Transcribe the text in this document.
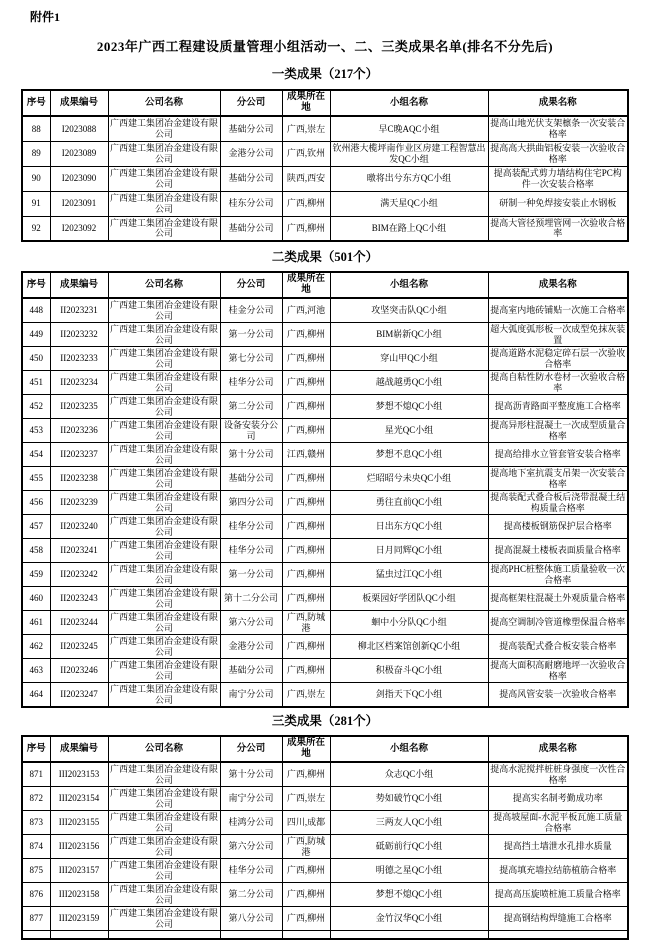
附件1
2023年广西工程建设质量管理小组活动一、二、三类成果名单(排名不分先后)
一类成果（217个）
序号	成果编号	公司名称	分公司	成果所在地	小组名称	成果名称
88	I2023088	广西建工集团冶金建设有限公司	基础分公司	广西,崇左	早C晚AQC小组	提高山地光伏支架檩条一次安装合格率
89	I2023089	广西建工集团冶金建设有限公司	金港分公司	广西,钦州	钦州港大榄坪南作业区房建工程智慧出发QC小组	提高高大拱曲铝板安装一次验收合格率
90	I2023090	广西建工集团冶金建设有限公司	基础分公司	陕西,西安	暾将出兮东方QC小组	提高装配式剪力墙结构住宅PC构件一次安装合格率
91	I2023091	广西建工集团冶金建设有限公司	桂东分公司	广西,柳州	满天星QC小组	研制一种免焊接安装止水钢板
92	I2023092	广西建工集团冶金建设有限公司	基础分公司	广西,柳州	BIM在路上QC小组	提高大管径预埋管网一次验收合格率
二类成果（501个）
序号	成果编号	公司名称	分公司	成果所在地	小组名称	成果名称
448	II2023231	广西建工集团冶金建设有限公司	桂金分公司	广西,河池	攻坚突击队QC小组	提高室内地砖铺贴一次施工合格率
449	II2023232	广西建工集团冶金建设有限公司	第一分公司	广西,柳州	BIM崭新QC小组	超大弧度弧形板一次成型免抹灰装置
450	II2023233	广西建工集团冶金建设有限公司	第七分公司	广西,柳州	穿山甲QC小组	提高道路水泥稳定碎石层一次验收合格率
451	II2023234	广西建工集团冶金建设有限公司	桂华分公司	广西,柳州	越战越勇QC小组	提高自粘性防水卷材一次验收合格率
452	II2023235	广西建工集团冶金建设有限公司	第二分公司	广西,柳州	梦想不熄QC小组	提高沥青路面平整度施工合格率
453	II2023236	广西建工集团冶金建设有限公司	设备安装分公司	广西,柳州	星光QC小组	提高异形柱混凝土一次成型质量合格率
454	II2023237	广西建工集团冶金建设有限公司	第十分公司	江西,赣州	梦想不息QC小组	提高给排水立管套管安装合格率
455	II2023238	广西建工集团冶金建设有限公司	基础分公司	广西,柳州	烂昭昭兮未央QC小组	提高地下室抗震支吊架一次安装合格率
456	II2023239	广西建工集团冶金建设有限公司	第四分公司	广西,柳州	勇往直前QC小组	提高装配式叠合板后浇带混凝土结构质量合格率
457	II2023240	广西建工集团冶金建设有限公司	桂华分公司	广西,柳州	日出东方QC小组	提高楼板钢筋保护层合格率
458	II2023241	广西建工集团冶金建设有限公司	桂华分公司	广西,柳州	日月同辉QC小组	提高混凝土楼板表面质量合格率
459	II2023242	广西建工集团冶金建设有限公司	第一分公司	广西,柳州	猛虫过江QC小组	提高PHC桩整体施工质量验收一次合格率
460	II2023243	广西建工集团冶金建设有限公司	第十二分公司	广西,柳州	板栗园好学团队QC小组	提高框架柱混凝土外观质量合格率
461	II2023244	广西建工集团冶金建设有限公司	第六分公司	广西,防城港	蛔中小分队QC小组	提高空调制冷管道橡塑保温合格率
462	II2023245	广西建工集团冶金建设有限公司	金港分公司	广西,柳州	柳北区档案馆创新QC小组	提高装配式叠合板安装合格率
463	II2023246	广西建工集团冶金建设有限公司	基础分公司	广西,柳州	积极奋斗QC小组	提高大面积高耐磨地坪一次验收合格率
464	II2023247	广西建工集团冶金建设有限公司	南宁分公司	广西,崇左	剑指天下QC小组	提高风管安装一次验收合格率
三类成果（281个）
序号	成果编号	公司名称	分公司	成果所在地	小组名称	成果名称
871	III2023153	广西建工集团冶金建设有限公司	第十分公司	广西,柳州	众志QC小组	提高水泥搅拌桩桩身强度一次性合格率
872	III2023154	广西建工集团冶金建设有限公司	南宁分公司	广西,崇左	势如破竹QC小组	提高实名制考勤成功率
873	III2023155	广西建工集团冶金建设有限公司	桂鸿分公司	四川,成都	三两友人QC小组	提高坡屋面-水泥平板瓦施工质量合格率
874	III2023156	广西建工集团冶金建设有限公司	第六分公司	广西,防城港	砥砺前行QC小组	提高挡土墙泄水孔排水质量
875	III2023157	广西建工集团冶金建设有限公司	桂华分公司	广西,柳州	明德之星QC小组	提高填充墙拉结筋植筋合格率
876	III2023158	广西建工集团冶金建设有限公司	第二分公司	广西,柳州	梦想不熄QC小组	提高高压旋喷桩施工质量合格率
877	III2023159	广西建工集团冶金建设有限公司	第八分公司	广西,柳州	金竹汉华QC小组	提高钢结构焊缝施工合格率
